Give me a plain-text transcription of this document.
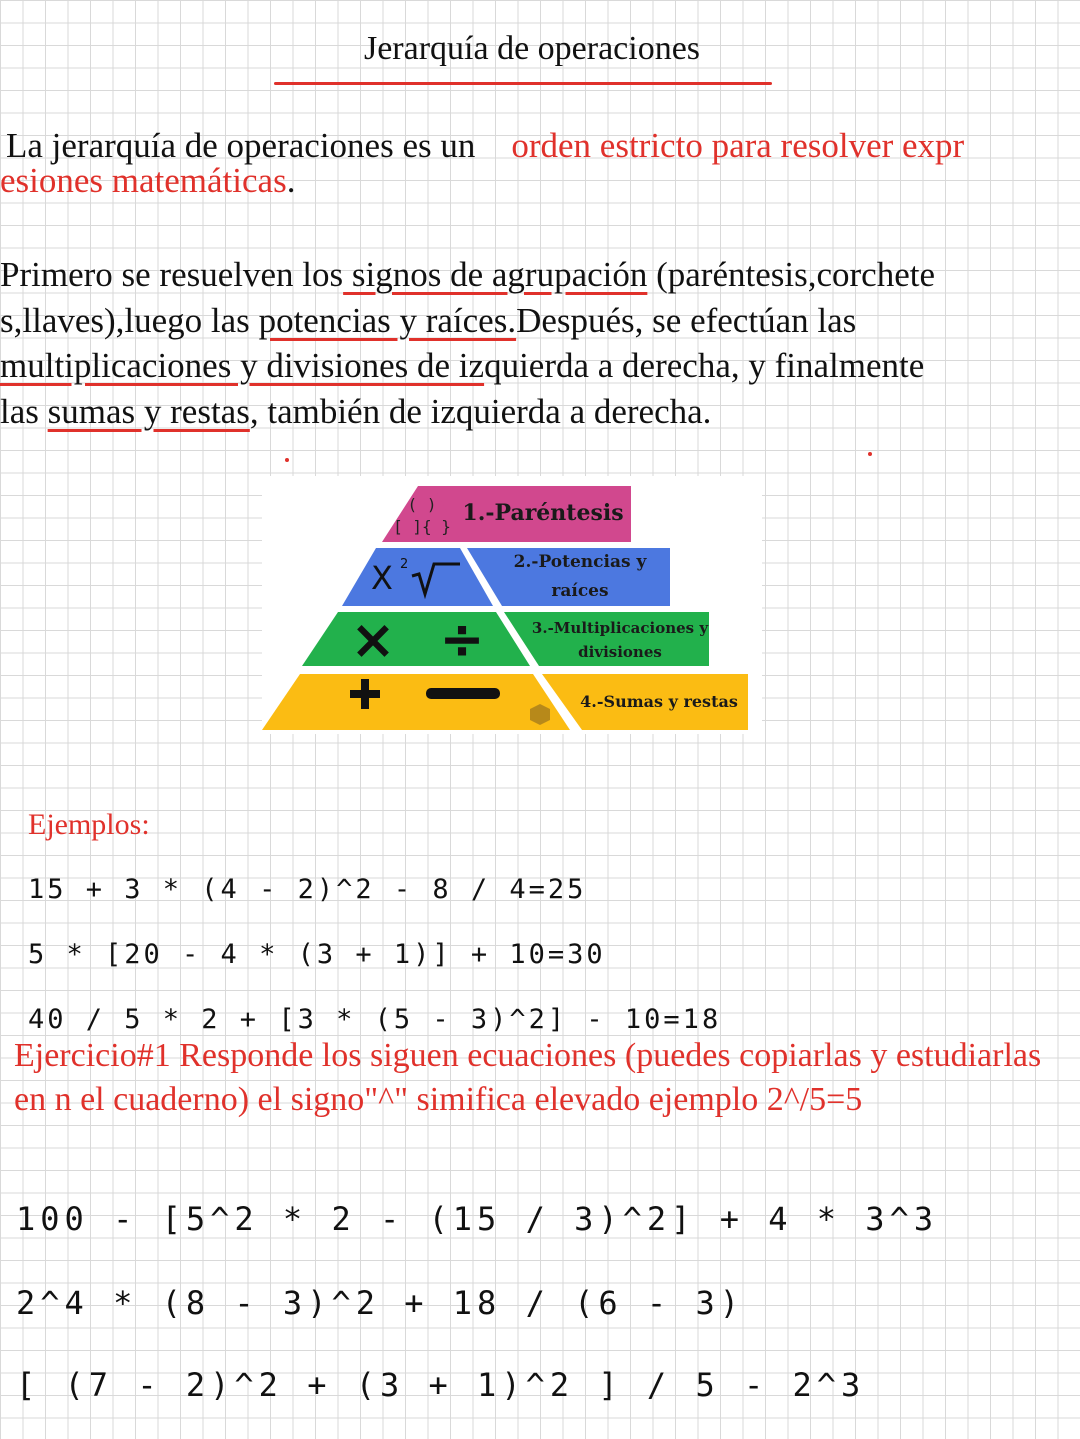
Jerarquía de operaciones
La jerarquía de operaciones es un orden estricto para resolver expr
esiones matemáticas.
Primero se resuelven los signos de agrupación (paréntesis,corchete
s,llaves),luego las potencias y raíces.Después, se efectúan las
multiplicaciones y divisiones de izquierda a derecha, y finalmente
las sumas y restas, también de izquierda a derecha.
( )
[ ]{ }
1.-Paréntesis
X 2	2.-Potencias y
raíces
× ÷	3.-Multiplicaciones y
divisiones
4.-Sumas y restas

Ejemplos:

15 + 3 * (4 - 2)^2 - 8 / 4=25

5 * [20 - 4 * (3 + 1)] + 10=30

40 / 5 * 2 + [3 * (5 - 3)^2] - 10=18

Ejercicio#1 Responde los siguen ecuaciones (puedes copiarlas y estudiarlas en n el cuaderno) el signo"^" simifica elevado ejemplo 2^/5=5

100 - [5^2 * 2 - (15 / 3)^2] + 4 * 3^3

2^4 * (8 - 3)^2 + 18 / (6 - 3)

[ (7 - 2)^2 + (3 + 1)^2 ] / 5 - 2^3
